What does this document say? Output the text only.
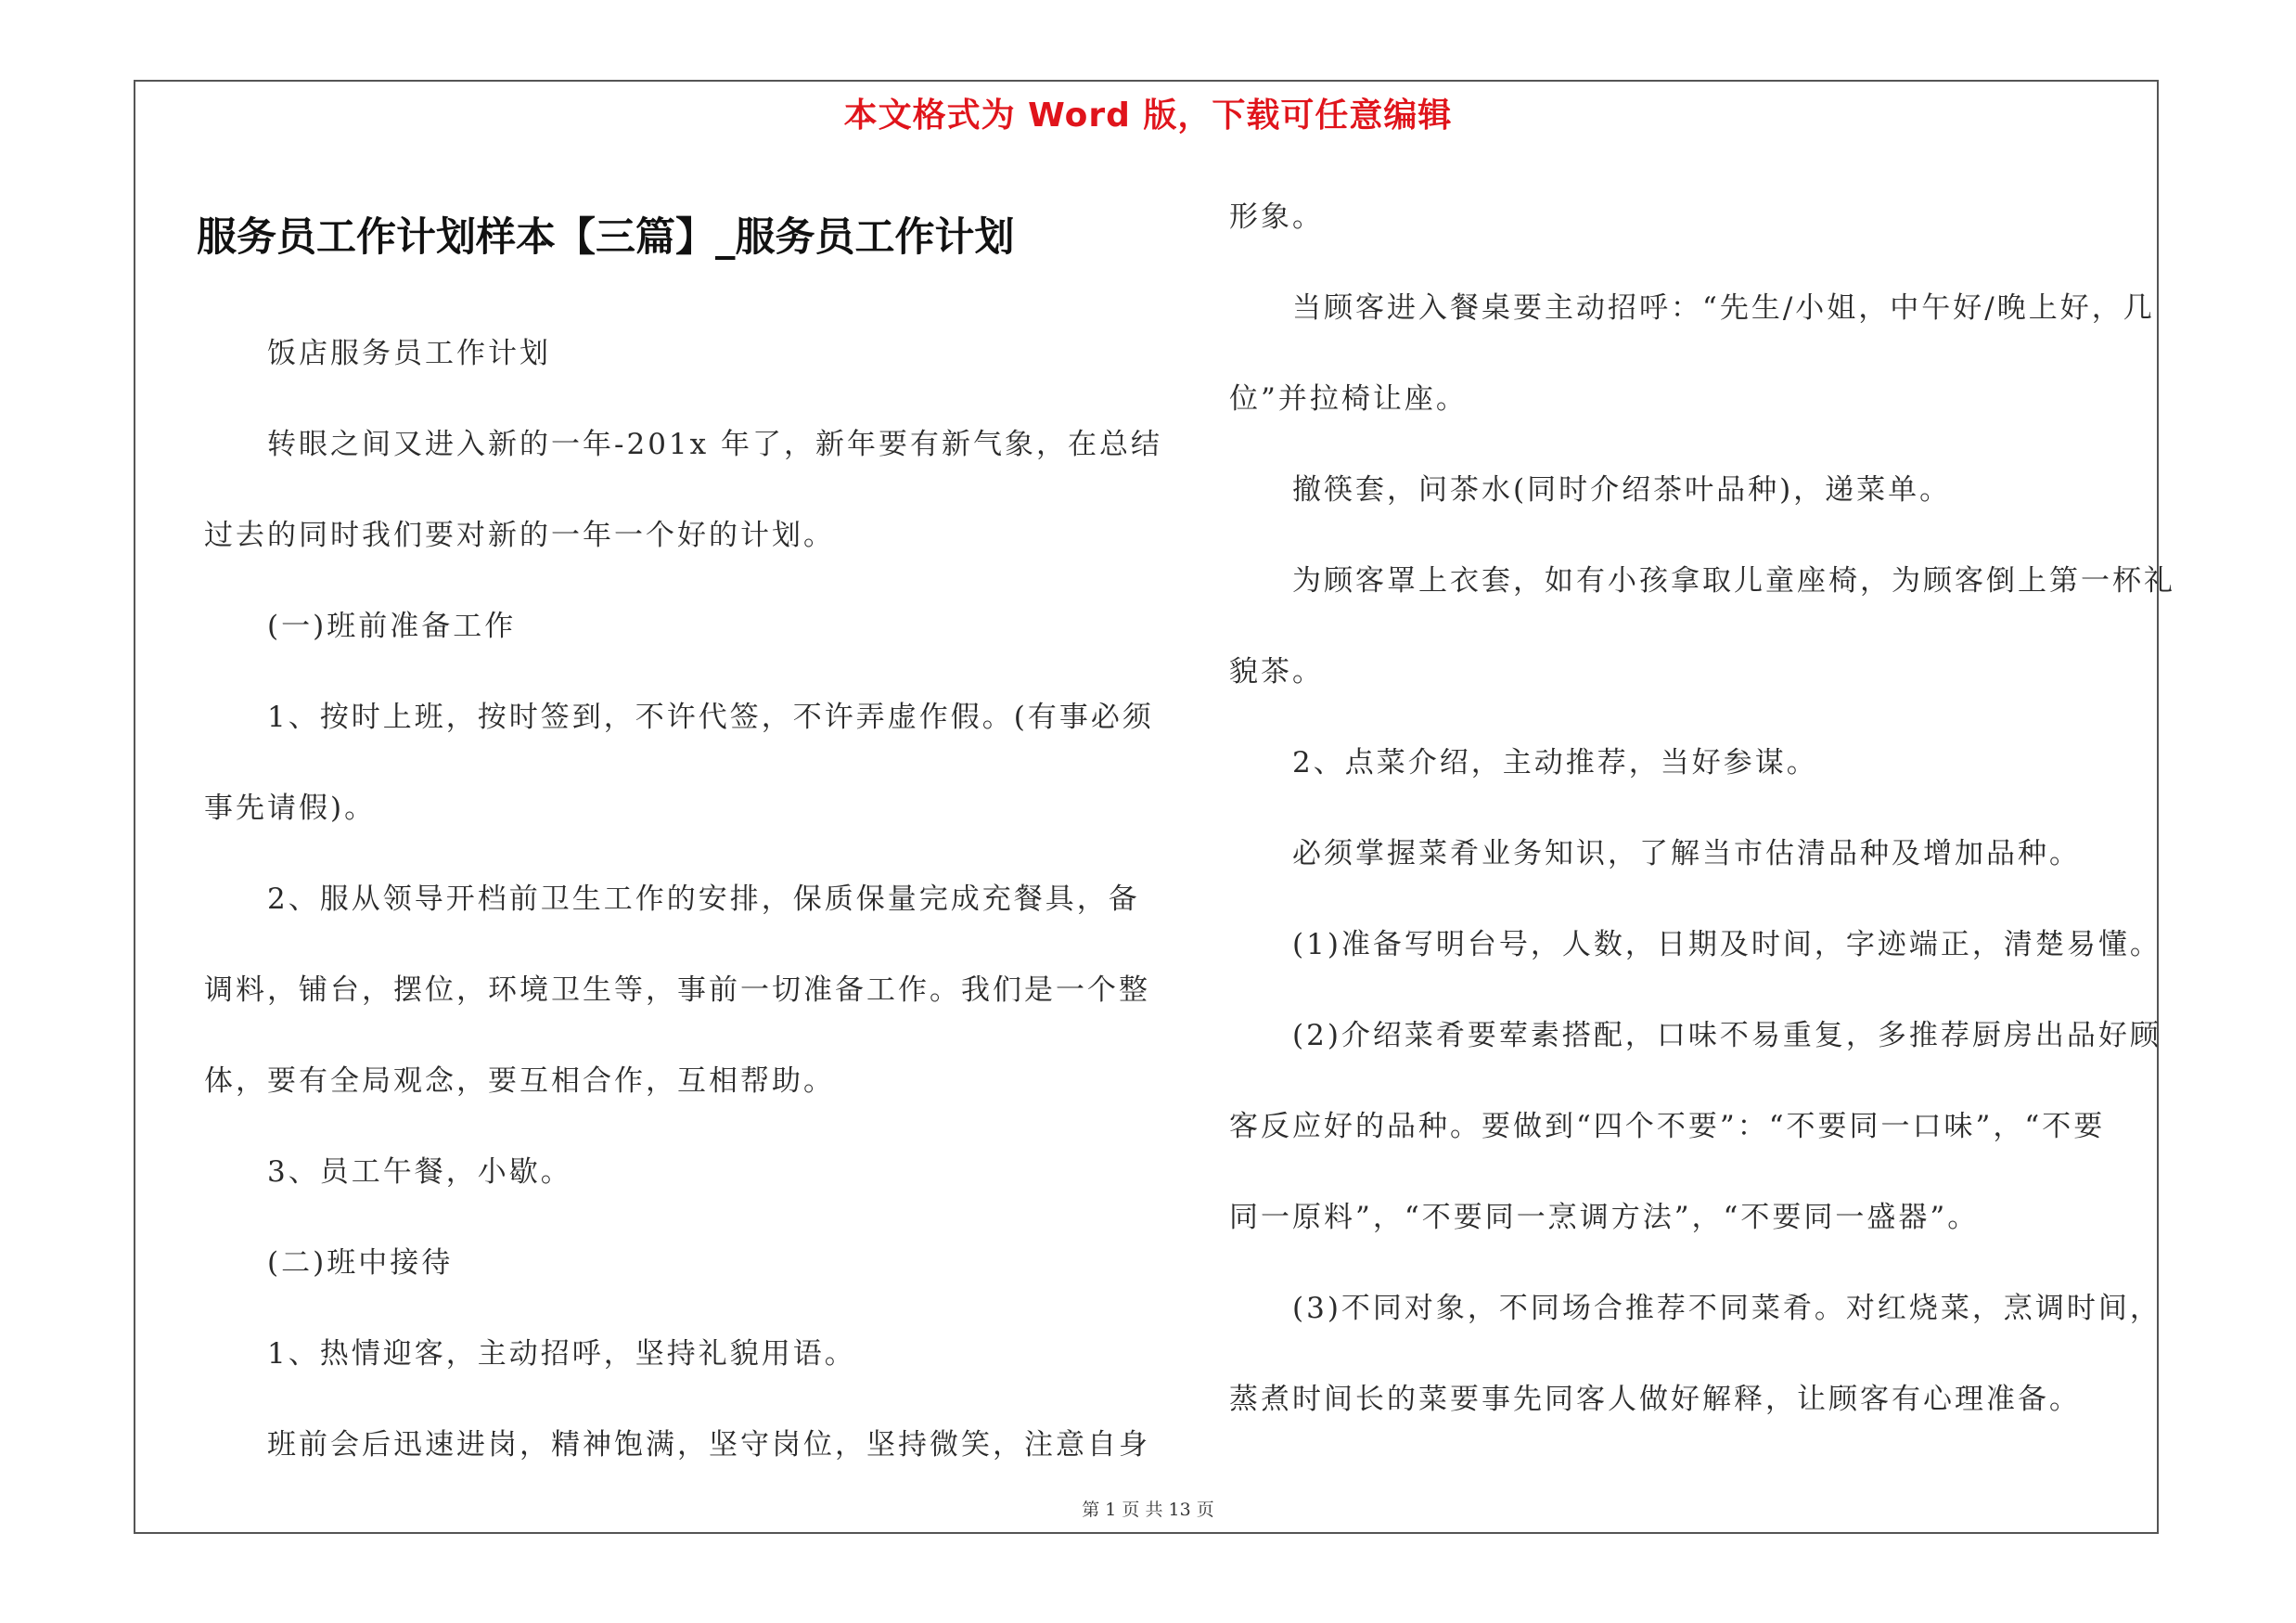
本文格式为 Word 版，下载可任意编辑
服务员工作计划样本【三篇】_服务员工作计划

饭店服务员工作计划

转眼之间又进入新的一年-201x 年了，新年要有新气象，在总结

过去的同时我们要对新的一年一个好的计划。

(一)班前准备工作

1、按时上班，按时签到，不许代签，不许弄虚作假。(有事必须

事先请假)。

2、服从领导开档前卫生工作的安排，保质保量完成充餐具，备

调料，铺台，摆位，环境卫生等，事前一切准备工作。我们是一个整

体，要有全局观念，要互相合作，互相帮助。

3、员工午餐，小歇。

(二)班中接待

1、热情迎客，主动招呼，坚持礼貌用语。

班前会后迅速进岗，精神饱满，坚守岗位，坚持微笑，注意自身

形象。

当顾客进入餐桌要主动招呼：“先生/小姐，中午好/晚上好，几

位”并拉椅让座。

撤筷套，问茶水(同时介绍茶叶品种)，递菜单。

为顾客罩上衣套，如有小孩拿取儿童座椅，为顾客倒上第一杯礼

貌茶。

2、点菜介绍，主动推荐，当好参谋。

必须掌握菜肴业务知识，了解当市估清品种及增加品种。

(1)准备写明台号，人数，日期及时间，字迹端正，清楚易懂。

(2)介绍菜肴要荤素搭配，口味不易重复，多推荐厨房出品好顾

客反应好的品种。要做到“四个不要”：“不要同一口味”，“不要

同一原料”，“不要同一烹调方法”，“不要同一盛器”。

(3)不同对象，不同场合推荐不同菜肴。对红烧菜，烹调时间，

蒸煮时间长的菜要事先同客人做好解释，让顾客有心理准备。

第 1 页 共 13 页
